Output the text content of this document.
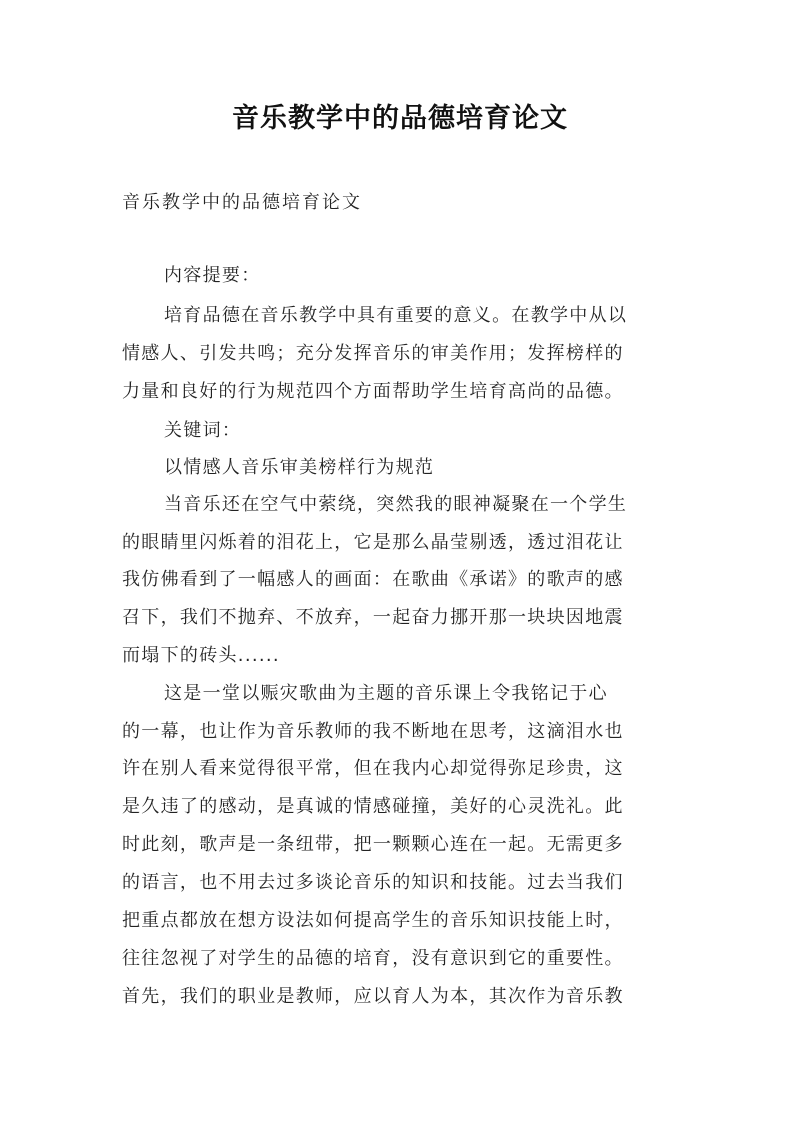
音乐教学中的品德培育论文
音乐教学中的品德培育论文
内容提要：
培育品德在音乐教学中具有重要的意义。在教学中从以
情感人、引发共鸣；充分发挥音乐的审美作用；发挥榜样的
力量和良好的行为规范四个方面帮助学生培育高尚的品德。
关键词：
以情感人音乐审美榜样行为规范
当音乐还在空气中萦绕，突然我的眼神凝聚在一个学生
的眼睛里闪烁着的泪花上，它是那么晶莹剔透，透过泪花让
我仿佛看到了一幅感人的画面：在歌曲《承诺》的歌声的感
召下，我们不抛弃、不放弃，一起奋力挪开那一块块因地震
而塌下的砖头......
这是一堂以赈灾歌曲为主题的音乐课上令我铭记于心
的一幕，也让作为音乐教师的我不断地在思考，这滴泪水也
许在别人看来觉得很平常，但在我内心却觉得弥足珍贵，这
是久违了的感动，是真诚的情感碰撞，美好的心灵洗礼。此
时此刻，歌声是一条纽带，把一颗颗心连在一起。无需更多
的语言，也不用去过多谈论音乐的知识和技能。过去当我们
把重点都放在想方设法如何提高学生的音乐知识技能上时，
往往忽视了对学生的品德的培育，没有意识到它的重要性。
首先，我们的职业是教师，应以育人为本，其次作为音乐教
